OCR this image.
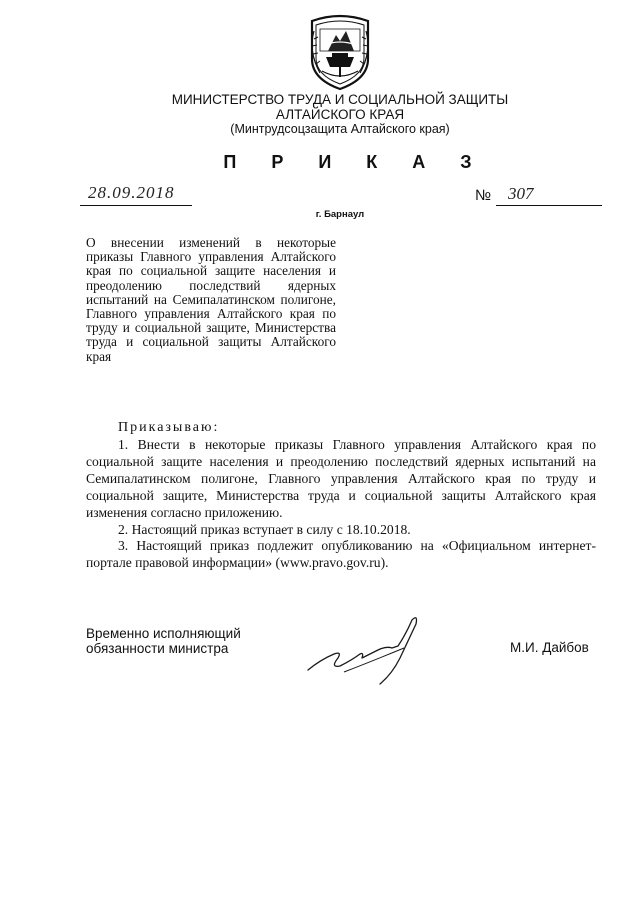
МИНИСТЕРСТВО ТРУДА И СОЦИАЛЬНОЙ ЗАЩИТЫ
АЛТАЙСКОГО КРАЯ
(Минтрудсоцзащита Алтайского края)
П Р И К А З
28.09.2018	№ 307
г. Барнаул
О внесении изменений в некоторые приказы Главного управления Алтайского края по социальной защите населения и преодолению последствий ядерных испытаний на Семипалатинском полигоне, Главного управления Алтайского края по труду и социальной защите, Министерства труда и социальной защиты Алтайского края
Приказываю:

1. Внести в некоторые приказы Главного управления Алтайского края по социальной защите населения и преодолению последствий ядерных испытаний на Семипалатинском полигоне, Главного управления Алтайского края по труду и социальной защите, Министерства труда и социальной защиты Алтайского края изменения согласно приложению.

2. Настоящий приказ вступает в силу с 18.10.2018.

3. Настоящий приказ подлежит опубликованию на «Официальном интернет-портале правовой информации» (www.pravo.gov.ru).

Временно исполняющий
обязанности министра	М.И. Дайбов
